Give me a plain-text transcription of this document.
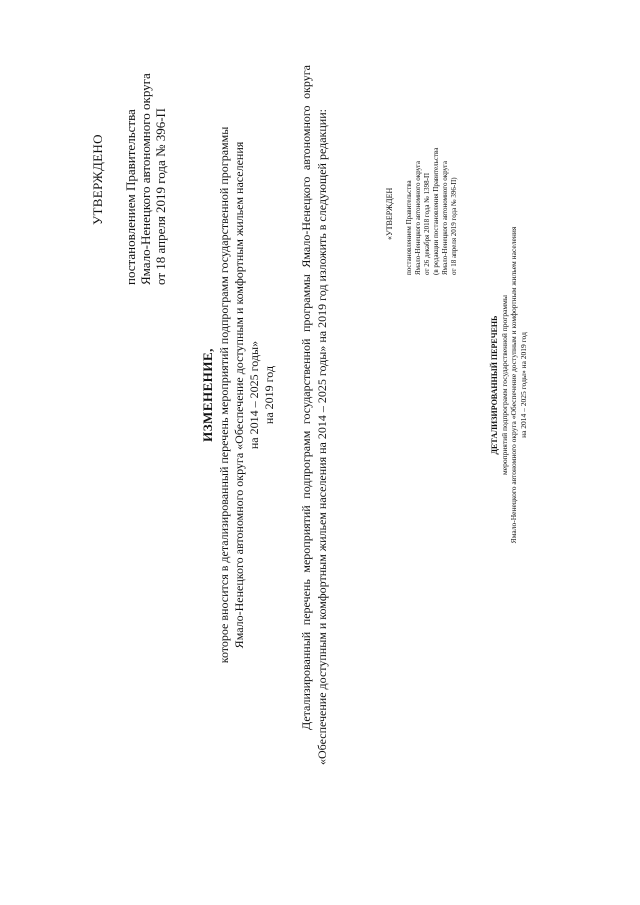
УТВЕРЖДЕНО постановлением Правительства Ямало-Ненецкого автономного округа от 18 апреля 2019 года № 396-П
ИЗМЕНЕНИЕ, которое вносится в детализированный перечень мероприятий подпрограмм государственной программы Ямало-Ненецкого автономного округа «Обеспечение доступным и комфортным жильем населения на 2014 – 2025 годы» на 2019 год Детализированный перечень мероприятий подпрограмм государственной программы Ямало-Ненецкого автономного округа «Обеспечение доступным и комфортным жильем населения на 2014 – 2025 годы» на 2019 год изложить в следующей редакции:	«УТВЕРЖДЕН постановлением Правительства Ямало-Ненецкого автономного округа от 26 декабря 2018 года № 1398-П (в редакции постановления Правительства Ямало-Ненецкого автономного округа от 18 апреля 2019 года № 396-П)
ДЕТАЛИЗИРОВАННЫЙ ПЕРЕЧЕНЬ мероприятий подпрограмм государственной программы Ямало-Ненецкого автономного округа «Обеспечение доступным и комфортным жильем населения на 2014 – 2025 годы» на 2019 год
